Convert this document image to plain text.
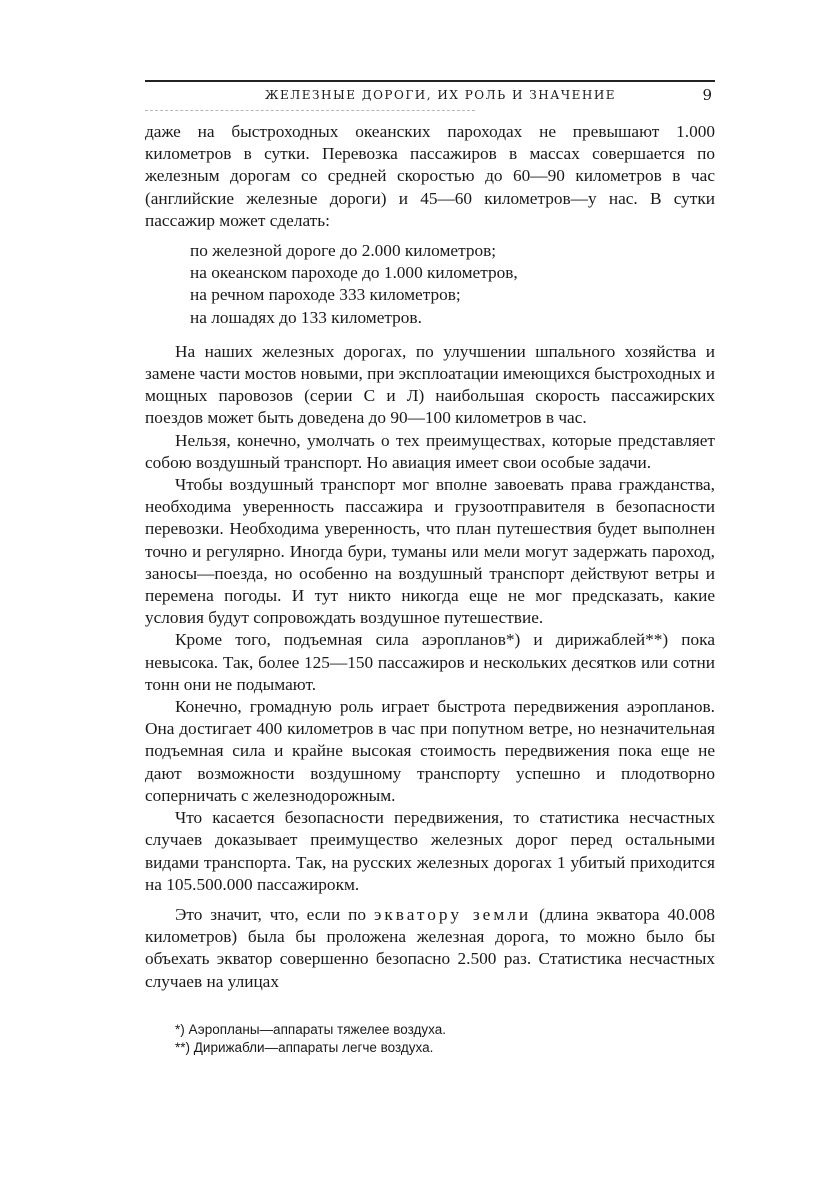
ЖЕЛЕЗНЫЕ ДОРОГИ, ИХ РОЛЬ И ЗНАЧЕНИЕ	9

даже на быстроходных океанских пароходах не превышают 1.000 километров в сутки. Перевозка пассажиров в массах совершается по железным дорогам со средней скоростью до 60—90 километров в час (английские железные дороги) и 45—60 километров—у нас. В сутки пассажир может сделать:

по железной дороге до 2.000 километров;
на океанском пароходе до 1.000 километров,
на речном пароходе 333 километров;
на лошадях до 133 километров.

На наших железных дорогах, по улучшении шпального хозяйства и замене части мостов новыми, при эксплоатации имеющихся быстроходных и мощных паровозов (серии С и Л) наибольшая скорость пассажирских поездов может быть доведена до 90—100 километров в час.

Нельзя, конечно, умолчать о тех преимуществах, которые представляет собою воздушный транспорт. Но авиация имеет свои особые задачи.

Чтобы воздушный транспорт мог вполне завоевать права гражданства, необходима уверенность пассажира и грузоотправителя в безопасности перевозки. Необходима уверенность, что план путешествия будет выполнен точно и регулярно. Иногда бури, туманы или мели могут задержать пароход, заносы—поезда, но особенно на воздушный транспорт действуют ветры и перемена погоды. И тут никто никогда еще не мог предсказать, какие условия будут сопровождать воздушное путешествие.

Кроме того, подъемная сила аэропланов*) и дирижаблей**) пока невысока. Так, более 125—150 пассажиров и нескольких десятков или сотни тонн они не подымают.

Конечно, громадную роль играет быстрота передвижения аэропланов. Она достигает 400 километров в час при попутном ветре, но незначительная подъемная сила и крайне высокая стоимость передвижения пока еще не дают возможности воздушному транспорту успешно и плодотворно соперничать с железнодорожным.

Что касается безопасности передвижения, то статистика несчастных случаев доказывает преимущество железных дорог перед остальными видами транспорта. Так, на русских железных дорогах 1 убитый приходится на 105.500.000 пассажирокм.

Это значит, что, если по экватору земли (длина экватора 40.008 километров) была бы проложена железная дорога, то можно было бы объехать экватор совершенно безопасно 2.500 раз. Статистика несчастных случаев на улицах

*) Аэропланы—аппараты тяжелее воздуха.
**) Дирижабли—аппараты легче воздуха.
